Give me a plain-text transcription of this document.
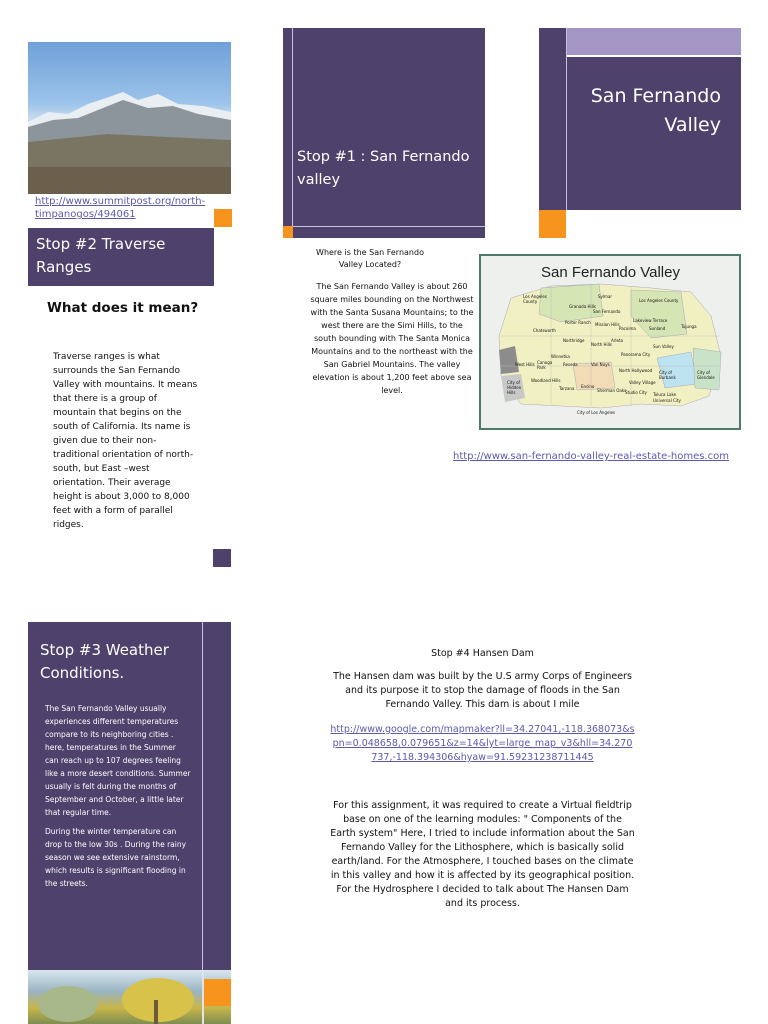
http://www.summitpost.org/north-timpanogos/494061
Stop #2 Traverse Ranges
What does it mean?
Traverse ranges is what surrounds the San Fernando Valley with mountains. It means that there is a group of mountain that begins on the south of California. Its name is given due to their non-traditional orientation of north- south, but East –west orientation. Their average height is about 3,000 to 8,000 feet with a form of parallel ridges.
Stop #1 : San Fernando valley
Where is the San Fernando Valley Located?
The San Fernando Valley is about 260 square miles bounding on the Northwest with the Santa Susana Mountains; to the west there are the Simi Hills, to the south bounding with The Santa Monica Mountains and to the northeast with the San Gabriel Mountains. The valley elevation is about 1,200 feet above sea level.
San Fernando Valley
San Fernando Valley
Los Angeles County
Sylmar
Granada Hills
Los Angeles County
San Fernando
Lakeview Terrace
Mission Hills
Pacoima	Sunland	Tujunga
Chatsworth
Porter Ranch
Northridge
North Hills
Arleta
Sun Valley
Panorama City
West Hills Canoga Park
Winnetka
Reseda	Van Nuys
North Hollywood City of Burbank
City of Glendale
Encino
Sherman Oaks
Studio City
Valley Village
Tarzana
Woodland Hills
City of Hidden Hills	Toluca Lake
Universal City
City of Los Angeles
http://www.san-fernando-valley-real-estate-homes.com
Stop #3 Weather Conditions.
The San Fernando Valley usually experiences different temperatures compare to its neighboring cities . here, temperatures in the Summer can reach up to 107 degrees feeling like a more desert conditions. Summer usually is felt during the months of September and October, a little later that regular time.
During the winter temperature can drop to the low 30s . During the rainy season we see extensive rainstorm, which results is significant flooding in the streets.
Stop #4 Hansen Dam
The Hansen dam was built by the U.S army Corps of Engineers and its purpose it to stop the damage of floods in the San Fernando Valley. This dam is about I mile
http://www.google.com/mapmaker?ll=34.27041,-118.368073&spn=0.048658,0.079651&z=14&lyt=large_map_v3&hll=34.270737,-118.394306&hyaw=91.59231238711445
For this assignment, it was required to create a Virtual fieldtrip base on one of the learning modules: " Components of the Earth system" Here, I tried to include information about the San Fernando Valley for the Lithosphere, which is basically solid earth/land. For the Atmosphere, I touched bases on the climate in this valley and how it is affected by its geographical position. For the Hydrosphere I decided to talk about The Hansen Dam and its process.
